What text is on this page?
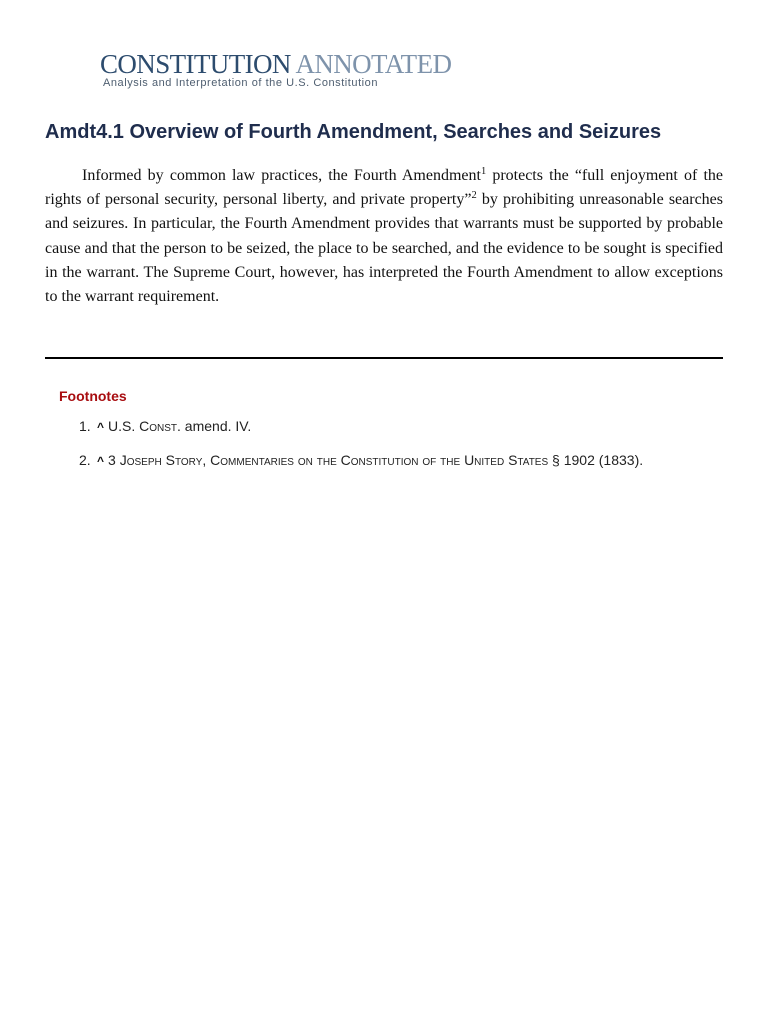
CONSTITUTION ANNOTATED
Analysis and Interpretation of the U.S. Constitution
Amdt4.1 Overview of Fourth Amendment, Searches and Seizures

Informed by common law practices, the Fourth Amendment$^1$ protects the “full enjoyment of the rights of personal security, personal liberty, and private property”$^2$ by prohibiting unreasonable searches and seizures. In particular, the Fourth Amendment provides that warrants must be supported by probable cause and that the person to be seized, the place to be searched, and the evidence to be sought is specified in the warrant. The Supreme Court, however, has interpreted the Fourth Amendment to allow exceptions to the warrant requirement.

Footnotes
1. ^ U.S. Const. amend. IV.
2. ^ 3 Joseph Story, Commentaries on the Constitution of the United States § 1902 (1833).
